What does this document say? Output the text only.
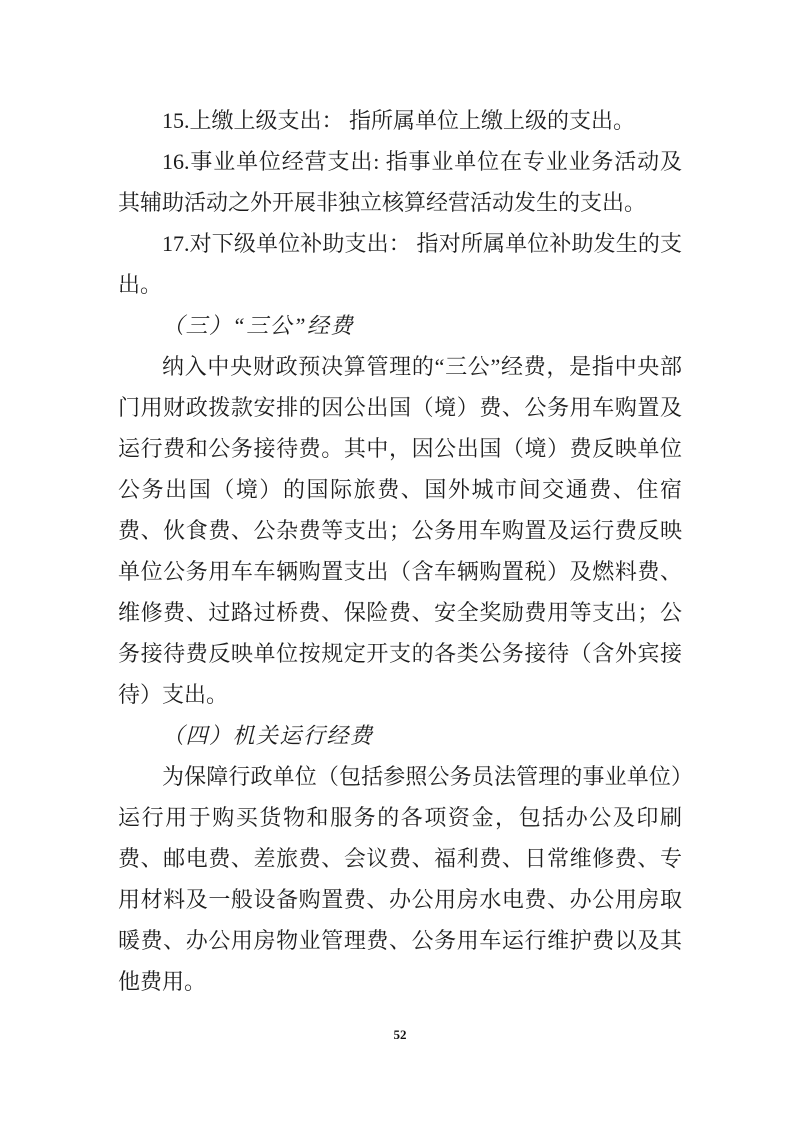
15.上缴上级支出： 指所属单位上缴上级的支出。

16.事业单位经营支出: 指事业单位在专业业务活动及其辅助活动之外开展非独立核算经营活动发生的支出。

17.对下级单位补助支出： 指对所属单位补助发生的支出。

（三）“三公”经费

纳入中央财政预决算管理的“三公”经费，是指中央部门用财政拨款安排的因公出国（境）费、公务用车购置及运行费和公务接待费。其中，因公出国（境）费反映单位公务出国（境）的国际旅费、国外城市间交通费、住宿费、伙食费、公杂费等支出；公务用车购置及运行费反映单位公务用车车辆购置支出（含车辆购置税）及燃料费、维修费、过路过桥费、保险费、安全奖励费用等支出；公务接待费反映单位按规定开支的各类公务接待（含外宾接待）支出。

（四）机关运行经费

为保障行政单位（包括参照公务员法管理的事业单位）运行用于购买货物和服务的各项资金，包括办公及印刷费、邮电费、差旅费、会议费、福利费、日常维修费、专用材料及一般设备购置费、办公用房水电费、办公用房取暖费、办公用房物业管理费、公务用车运行维护费以及其他费用。

52
